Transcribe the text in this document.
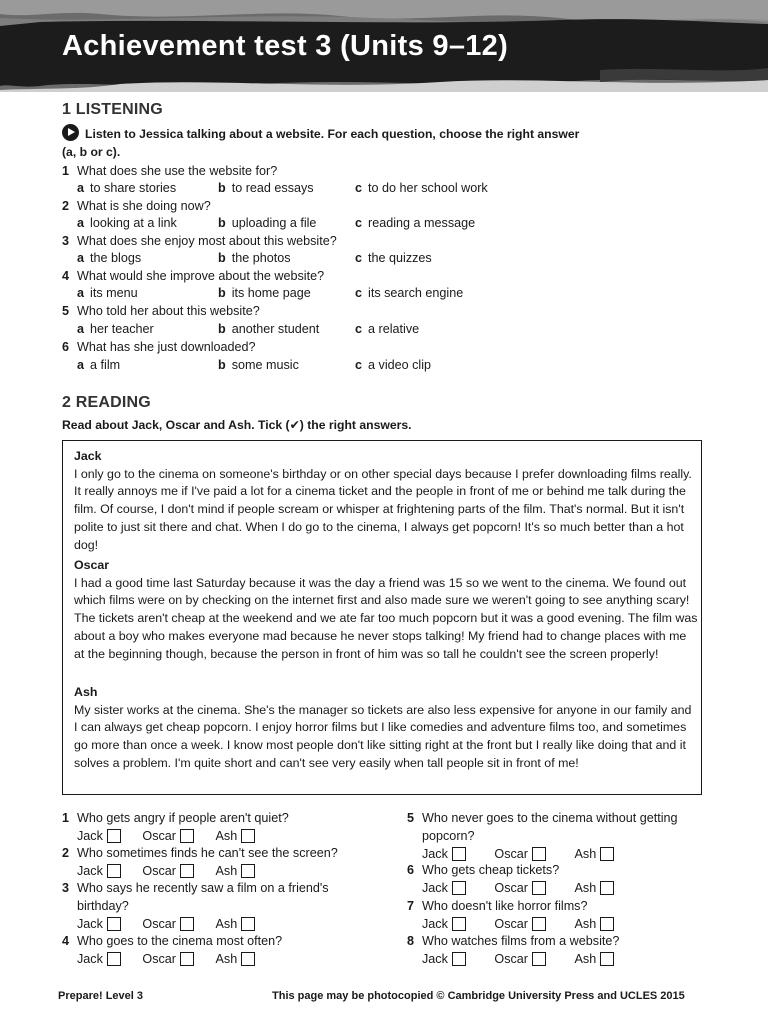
Achievement test 3 (Units 9–12)
1 LISTENING
Listen to Jessica talking about a website. For each question, choose the right answer (a, b or c).
1 What does she use the website for?
a to share stories	b to read essays	c to do her school work
2 What is she doing now?
a looking at a link	b uploading a file	c reading a message
3 What does she enjoy most about this website?
a the blogs	b the photos	c the quizzes
4 What would she improve about the website?
a its menu	b its home page	c its search engine
5 Who told her about this website?
a her teacher	b another student	c a relative
6 What has she just downloaded?
a a film	b some music	c a video clip
2 READING
Read about Jack, Oscar and Ash. Tick (✔) the right answers.
Jack
I only go to the cinema on someone's birthday or on other special days because I prefer downloading films really. It really annoys me if I've paid a lot for a cinema ticket and the people in front of me or behind me talk during the film. Of course, I don't mind if people scream or whisper at frightening parts of the film. That's normal. But it isn't polite to just sit there and chat. When I do go to the cinema, I always get popcorn! It's so much better than a hot dog!
Oscar
I had a good time last Saturday because it was the day a friend was 15 so we went to the cinema. We found out which films were on by checking on the internet first and also made sure we weren't going to see anything scary! The tickets aren't cheap at the weekend and we ate far too much popcorn but it was a good evening. The film was about a boy who makes everyone mad because he never stops talking! My friend had to change places with me at the beginning though, because the person in front of him was so tall he couldn't see the screen properly!
Ash
My sister works at the cinema. She's the manager so tickets are also less expensive for anyone in our family and I can always get cheap popcorn. I enjoy horror films but I like comedies and adventure films too, and sometimes go more than once a week. I know most people don't like sitting right at the front but I really like doing that and it solves a problem. I'm quite short and can't see very easily when tall people sit in front of me!
1 Who gets angry if people aren't quiet?
Jack	Oscar	Ash
2 Who sometimes finds he can't see the screen?
Jack	Oscar	Ash
3 Who says he recently saw a film on a friend's
birthday?
Jack	Oscar	Ash
4 Who goes to the cinema most often?
Jack	Oscar	Ash
5 Who never goes to the cinema without getting
popcorn?
Jack	Oscar	Ash
6 Who gets cheap tickets?
Jack	Oscar	Ash
7 Who doesn't like horror films?
Jack	Oscar	Ash
8 Who watches films from a website?
Jack	Oscar	Ash
Prepare! Level 3	This page may be photocopied © Cambridge University Press and UCLES 2015
